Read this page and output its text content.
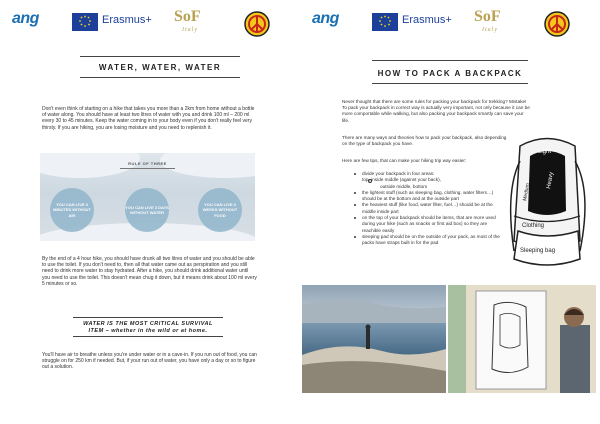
ang	Erasmus+ SoF
Italy
WATER, WATER, WATER
Don't even think of starting on a hike that takes you more than a 2km from home without a bottle of water along. You should have at least two litres of water with you and drink 100 ml – 200 ml every 30 to 45 minutes. Keep the water coming in to your body even if you don't really feel very thirsty. If you are hiking, you are losing moisture and you need to replenish it.
RULE OF THREE
YOU CAN LIVE 3 MINUTES WITHOUT AIR
YOU CAN LIVE 3 DAYS WITHOUT WATER
YOU CAN LIVE 3 WEEKS WITHOUT FOOD
By the end of a 4 hour hike, you should have drunk all two litres of water and you should be able to use the toilet. If you don't need to, then all that water came out as perspiration and you still need to drink more water to stay hydrated. After a hike, you should drink additional water until you need to use the toilet. This doesn't mean chug it down, but it means drink about 100 ml every 5 minutes or so.
WATER IS THE MOST CRITICAL SURVIVAL
ITEM – whether in the wild or at home.
You'll have air to breathe unless you're under water or in a cave-in. If you run out of food, you can struggle on for 250 km if needed. But, if your run out of water, you have only a day or so to figure out a solution.
ang	Erasmus+ SoF
Italy
HOW TO PACK A BACKPACK
Never thought that there are some rules for packing your backpack for trekking? Mistake! To pack your backpack in correct way is actually very important, not only because it can be more comportable while walking, but also packing your backpack smartly can save your life.
There are many ways and theories how to pack your backpack, also depending on the type of backpack you have.
Here are few tips, that can make your hiking trip way easier:
divide your backpack in four areas:
top, inside middle (against your back),
outside middle, bottom
the lightest stuff (such as sleeping bag, clothing, water filters…) should be at the bottom and at the outside part
the heaviest stuff (like food, water filter, fuel…) should be at the middle inside part
on the top of your backpack should be items, that are more used during your hike (such as snacks or first aid box) so they are reachible easily
sleeping pad should be on the outside of your pack, as most of the packs have straps built in for the pad
Light
Heavy
Medium
Clothing
Sleeping bag
